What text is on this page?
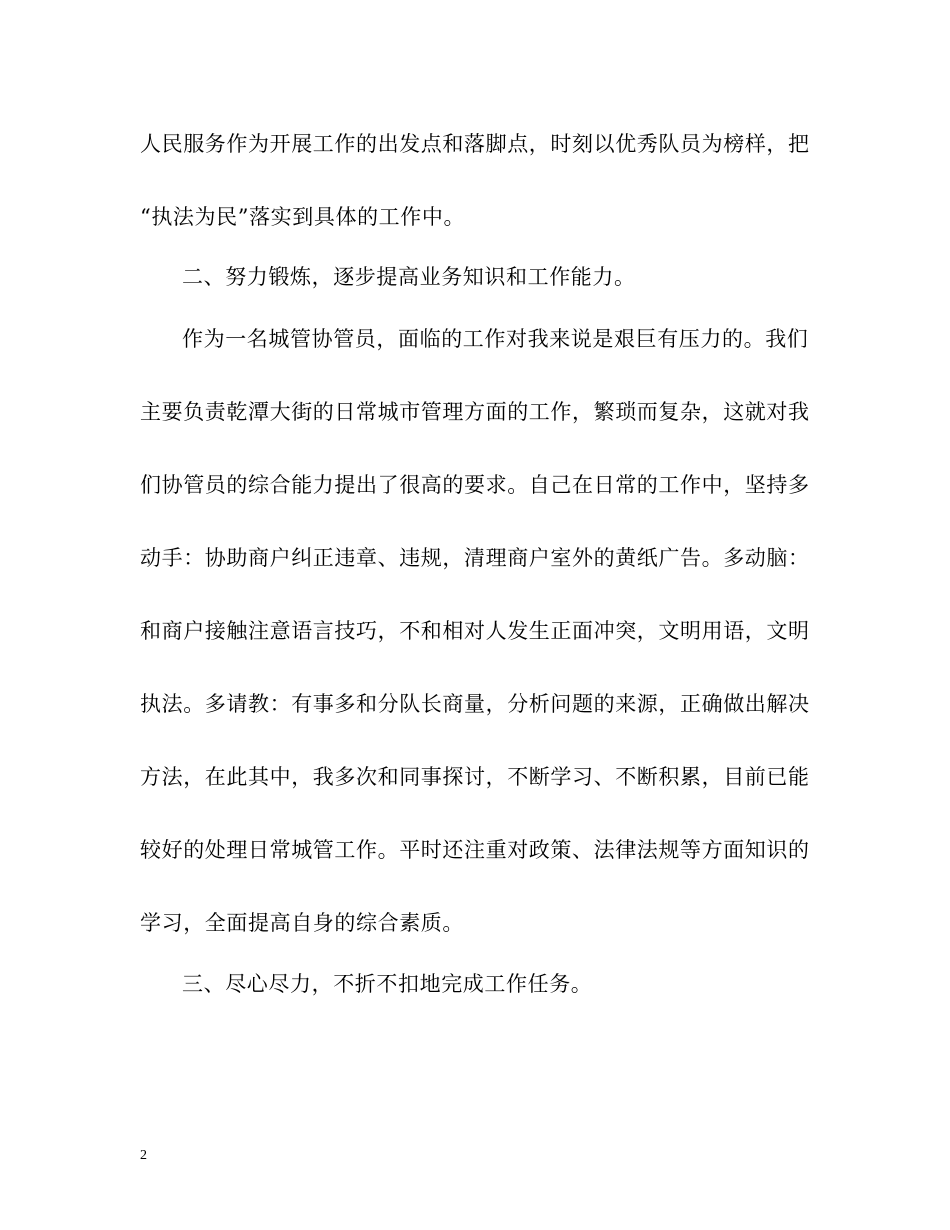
人民服务作为开展工作的出发点和落脚点，时刻以优秀队员为榜样，把
“执法为民”落实到具体的工作中。
二、努力锻炼，逐步提高业务知识和工作能力。
作为一名城管协管员，面临的工作对我来说是艰巨有压力的。我们
主要负责乾潭大街的日常城市管理方面的工作，繁琐而复杂，这就对我
们协管员的综合能力提出了很高的要求。自己在日常的工作中，坚持多
动手：协助商户纠正违章、违规，清理商户室外的黄纸广告。多动脑：
和商户接触注意语言技巧，不和相对人发生正面冲突，文明用语，文明
执法。多请教：有事多和分队长商量，分析问题的来源，正确做出解决
方法，在此其中，我多次和同事探讨，不断学习、不断积累，目前已能
较好的处理日常城管工作。平时还注重对政策、法律法规等方面知识的
学习，全面提高自身的综合素质。
三、尽心尽力，不折不扣地完成工作任务。
2
